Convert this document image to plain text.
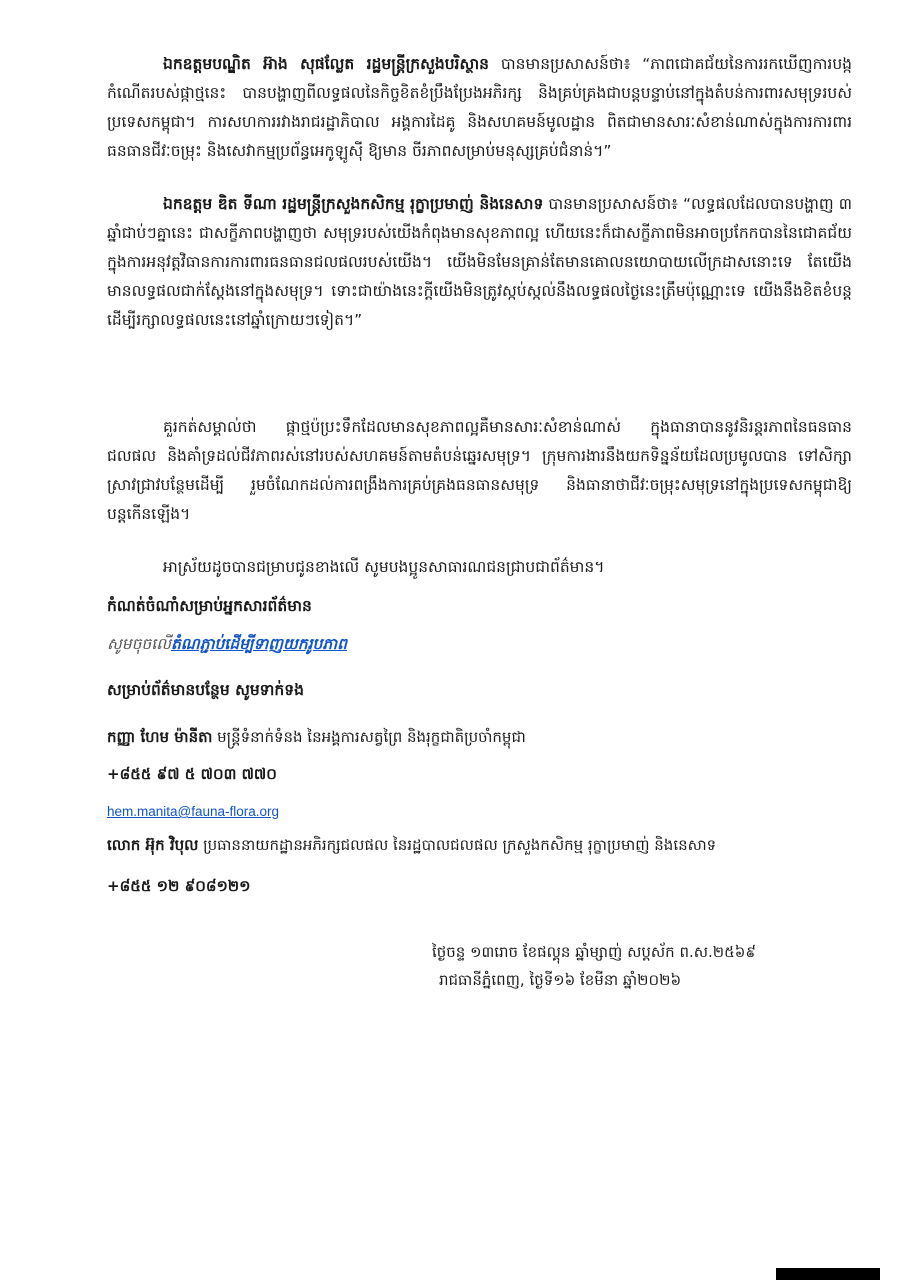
ឯកឧត្តមបណ្ឌិត អ៊ាង សុផល្លែត រដ្ឋមន្ត្រីក្រសួងបរិស្ថាន បានមានប្រសាសន៍ថា៖ “ភាពជោគជ័យនៃការរកឃើញការបង្កកំណើតរបស់ផ្កាថ្មនេះ បានបង្ហាញពីលទ្ធផលនៃកិច្ចខិតខំប្រឹងប្រែងអភិរក្ស និងគ្រប់គ្រងជាបន្តបន្ទាប់នៅក្នុងតំបន់ការពារសមុទ្ររបស់ប្រទេសកម្ពុជា។ ការសហការរវាងរាជរដ្ឋាភិបាល អង្គការដៃគូ និងសហគមន៍មូលដ្ឋាន ពិតជាមានសារៈសំខាន់ណាស់ក្នុងការការពារធនធានជីវៈចម្រុះ និងសេវាកម្មប្រព័ន្ធអេកូឡូស៊ី ឱ្យមាន ចីរភាពសម្រាប់មនុស្សគ្រប់ជំនាន់។”

ឯកឧត្តម ឌិត ទីណា រដ្ឋមន្ត្រីក្រសួងកសិកម្ម រុក្ខាប្រមាញ់ និងនេសាទ បានមានប្រសាសន៍ថា៖ “លទ្ធផលដែលបានបង្ហាញ ៣ ឆ្នាំជាប់ៗគ្នានេះ ជាសក្ខីភាពបង្ហាញថា សមុទ្ររបស់យើងកំពុងមានសុខភាពល្អ ហើយនេះក៏ជាសក្ខីភាពមិនអាចប្រកែកបាននៃជោគជ័យក្នុងការអនុវត្តវិធានការការពារធនធានជលផលរបស់យើង។ យើងមិនមែនគ្រាន់តែមានគោលនយោបាយលើក្រដាសនោះទេ តែយើងមានលទ្ធផលជាក់ស្តែងនៅក្នុងសមុទ្រ។ ទោះជាយ៉ាងនេះក្តីយើងមិនត្រូវស្កប់ស្កល់នឹងលទ្ធផលថ្ងៃនេះត្រឹមប៉ុណ្ណោះទេ យើងនឹងខិតខំបន្តដើម្បីរក្សាលទ្ធផលនេះនៅឆ្នាំក្រោយៗទៀត។”

គួរកត់សម្គាល់ថា ផ្កាថ្មប៉ប្រះទឹកដែលមានសុខភាពល្អគឺមានសារៈសំខាន់ណាស់ ក្នុងធានាបាននូវនិរន្តរភាពនៃធនធានជលផល និងគាំទ្រដល់ជីវភាពរស់នៅរបស់សហគមន៍តាមតំបន់ឆ្នេរសមុទ្រ។ ក្រុមការងារនឹងយកទិន្នន័យដែលប្រមូលបាន ទៅសិក្សាស្រាវជ្រាវបន្ថែមដើម្បី រួមចំណែកដល់ការពង្រឹងការគ្រប់គ្រងធនធានសមុទ្រ និងធានាថាជីវៈចម្រុះសមុទ្រនៅក្នុងប្រទេសកម្ពុជាឱ្យបន្តកើនឡើង។

អាស្រ័យដូចបានជម្រាបជូនខាងលើ សូមបងប្អូនសាធារណជនជ្រាបជាព័ត៌មាន។

កំណត់ចំណាំសម្រាប់អ្នកសារព័ត៌មាន

សូមចុចលើតំណភ្ជាប់ដើម្បីទាញយករូបភាព

សម្រាប់ព័ត៌មានបន្ថែម សូមទាក់ទង

កញ្ញា ហែម ម៉ានីតា មន្ត្រីទំនាក់ទំនង នៃអង្គការសត្វព្រៃ និងរុក្ខជាតិប្រចាំកម្ពុជា

+៨៥៥ ៩៧ ៥ ៧០៣ ៧៧០

hem.manita@fauna-flora.org

លោក អ៊ុក វិបុល ប្រធាននាយកដ្ឋានអភិរក្សជលផល នៃរដ្ឋបាលជលផល ក្រសួងកសិកម្ម រុក្ខាប្រមាញ់ និងនេសាទ

+៨៥៥ ១២ ៩០៨១២១

ថ្ងៃចន្ទ ១៣រោច ខែផល្គុន ឆ្នាំម្សាញ់ សប្តស័ក ព.ស.២៥៦៩
រាជធានីភ្នំពេញ, ថ្ងៃទី១៦ ខែមីនា ឆ្នាំ២០២៦
